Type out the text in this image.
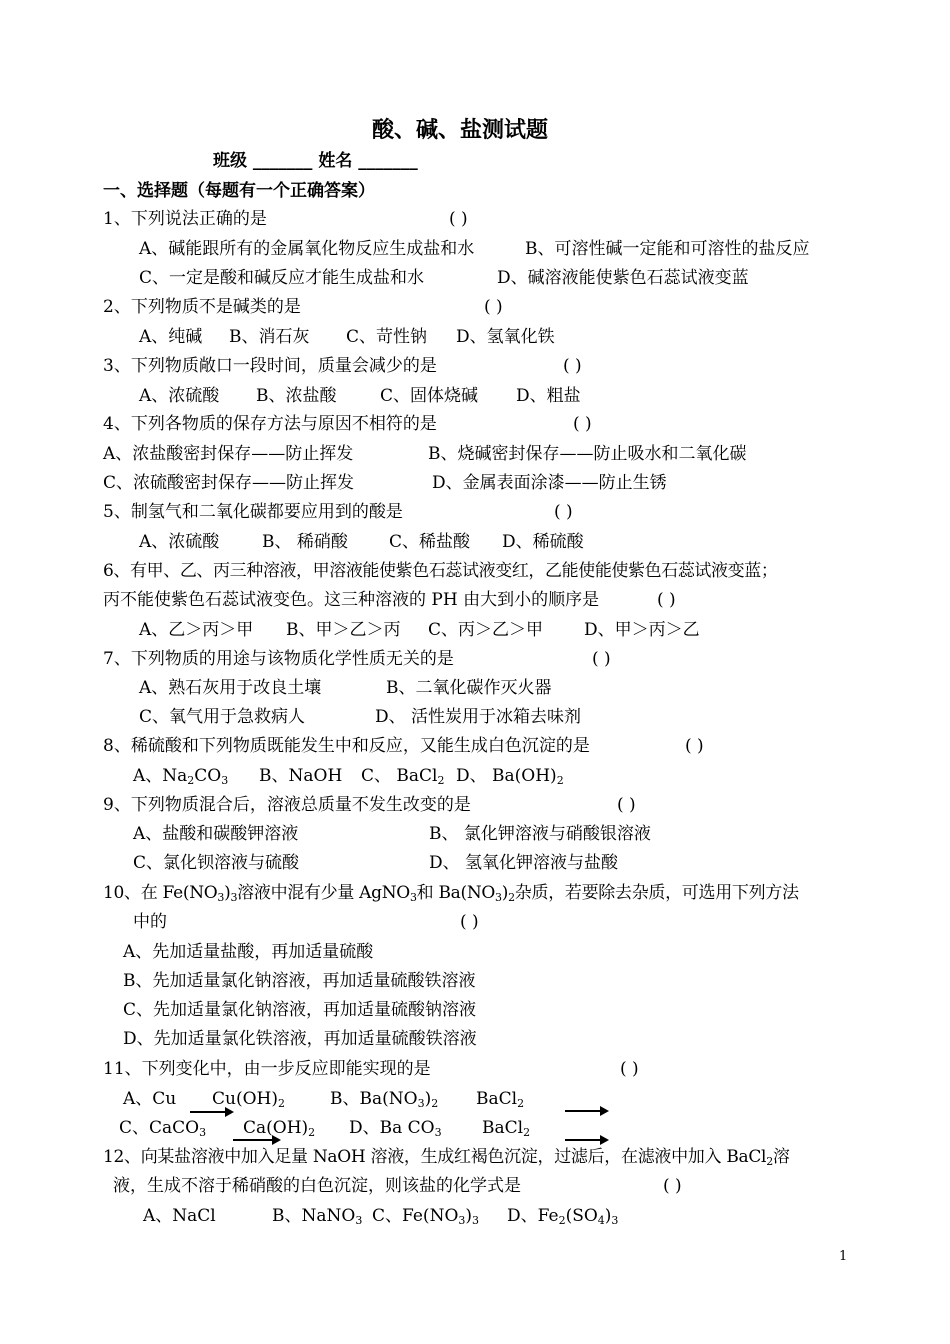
酸、碱、盐测试题
班级 _______ 姓名 _______
一、选择题（每题有一个正确答案）
1、下列说法正确的是	( )
A、碱能跟所有的金属氧化物反应生成盐和水	B、可溶性碱一定能和可溶性的盐反应
C、一定是酸和碱反应才能生成盐和水	D、碱溶液能使紫色石蕊试液变蓝
2、下列物质不是碱类的是	( )
A、纯碱 B、消石灰 C、苛性钠 D、氢氧化铁
3、下列物质敞口一段时间，质量会减少的是	( )
A、浓硫酸 B、浓盐酸	C、固体烧碱 D、粗盐
4、下列各物质的保存方法与原因不相符的是	( )
A、浓盐酸密封保存——防止挥发	B、烧碱密封保存——防止吸水和二氧化碳
C、浓硫酸密封保存——防止挥发	D、金属表面涂漆——防止生锈
5、制氢气和二氧化碳都要应用到的酸是	( )
A、浓硫酸	B、 稀硝酸 C、稀盐酸 D、稀硫酸
6、有甲、乙、丙三种溶液，甲溶液能使紫色石蕊试液变红，乙能使能使紫色石蕊试液变蓝；
丙不能使紫色石蕊试液变色。这三种溶液的 PH 由大到小的顺序是	( )
A、乙＞丙＞甲 B、甲＞乙＞丙 C、丙＞乙＞甲 D、甲＞丙＞乙
7、下列物质的用途与该物质化学性质无关的是	( )
A、熟石灰用于改良土壤	B、二氧化碳作灭火器
C、氧气用于急救病人	D、 活性炭用于冰箱去味剂
8、稀硫酸和下列物质既能发生中和反应，又能生成白色沉淀的是	( )
A、$Na_2CO_3$ B、NaOH C、 BaCl$_2$ D、 $Ba(OH)_2$
9、下列物质混合后，溶液总质量不发生改变的是	( )
A、盐酸和碳酸钾溶液	B、 氯化钾溶液与硝酸银溶液
C、氯化钡溶液与硫酸	D、 氢氧化钾溶液与盐酸
10、在 $Fe(NO_3)_3$溶液中混有少量 AgNO$_3$和 $Ba(NO_3)_2$杂质，若要除去杂质，可选用下列方法
中的	( )
A、先加适量盐酸，再加适量硫酸
B、先加适量氯化钠溶液，再加适量硫酸铁溶液
C、先加适量氯化钠溶液，再加适量硫酸钠溶液
D、先加适量氯化铁溶液，再加适量硫酸铁溶液
11、下列变化中，由一步反应即能实现的是	( )
A、Cu $Cu(OH)_2$	B、$Ba(NO_3)_2$ BaCl$_2$
C、CaCO$_3$ $Ca(OH)_2$ D、Ba $CO_3$ BaCl$_2$
12、向某盐溶液中加入足量 NaOH 溶液，生成红褐色沉淀，过滤后，在滤液中加入 BaCl$_2$溶
液，生成不溶于稀硝酸的白色沉淀，则该盐的化学式是	( )
A、NaCl	B、NaNO$_3$ C、$Fe(NO_3)_3$ D、$Fe_2(SO_4)_3$
1
